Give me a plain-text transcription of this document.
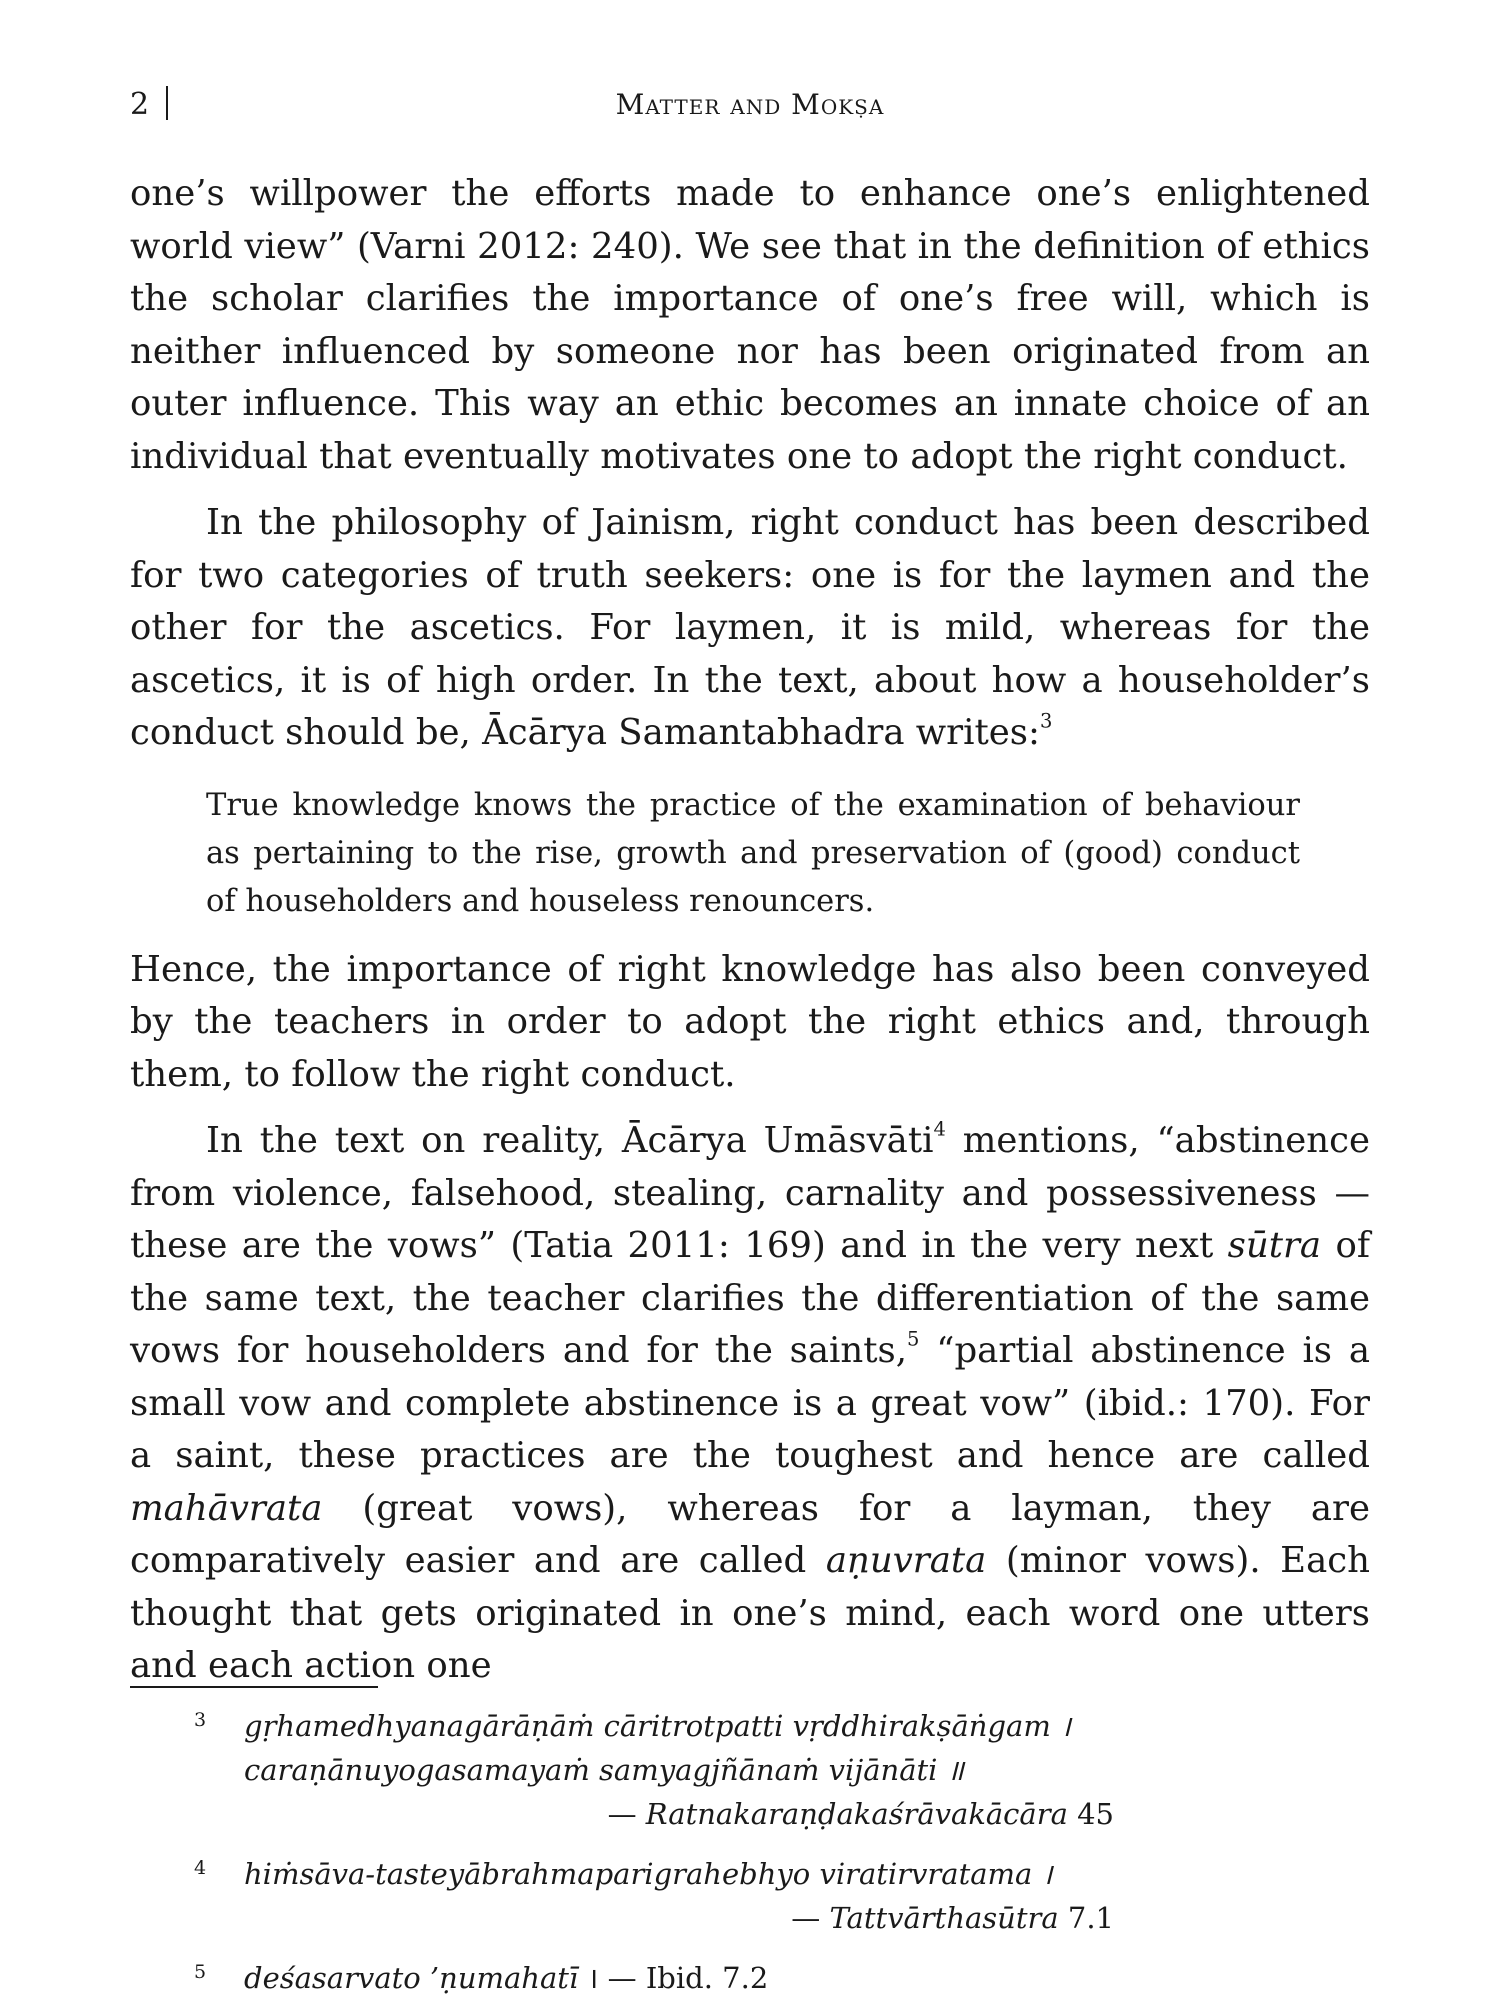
2	Matter and Mokṣa

one’s willpower the efforts made to enhance one’s enlightened world view” (Varni 2012: 240). We see that in the definition of ethics the scholar clarifies the importance of one’s free will, which is neither influenced by someone nor has been originated from an outer influence. This way an ethic becomes an innate choice of an individual that eventually motivates one to adopt the right conduct.

In the philosophy of Jainism, right conduct has been described for two categories of truth seekers: one is for the laymen and the other for the ascetics. For laymen, it is mild, whereas for the ascetics, it is of high order. In the text, about how a householder’s conduct should be, Ācārya Samantabhadra writes:$^3$

True knowledge knows the practice of the examination of behaviour as pertaining to the rise, growth and preservation of (good) conduct of householders and houseless renouncers.

Hence, the importance of right knowledge has also been conveyed by the teachers in order to adopt the right ethics and, through them, to follow the right conduct.

In the text on reality, Ācārya Umāsvāti$^4$ mentions, “abstinence from violence, falsehood, stealing, carnality and possessiveness — these are the vows” (Tatia 2011: 169) and in the very next sūtra of the same text, the teacher clarifies the differentiation of the same vows for householders and for the saints,$^5$ “partial abstinence is a small vow and complete abstinence is a great vow” (ibid.: 170). For a saint, these practices are the toughest and hence are called mahāvrata (great vows), whereas for a layman, they are comparatively easier and are called aṇuvrata (minor vows). Each thought that gets originated in one’s mind, each word one utters and each action one

3 gṛhamedhyanagārāṇāṁ cāritrotpatti vṛddhirakṣāṅgam ।
caraṇānuyogasamayaṁ samyagjñānaṁ vijānāti ॥
— Ratnakaraṇḍakaśrāvakācāra 45
4 hiṁsāva-tasteyābrahmaparigrahebhyo viratirvratama ।
— Tattvārthasūtra 7.1
5 deśasarvato ’ṇumahatī । — Ibid. 7.2
